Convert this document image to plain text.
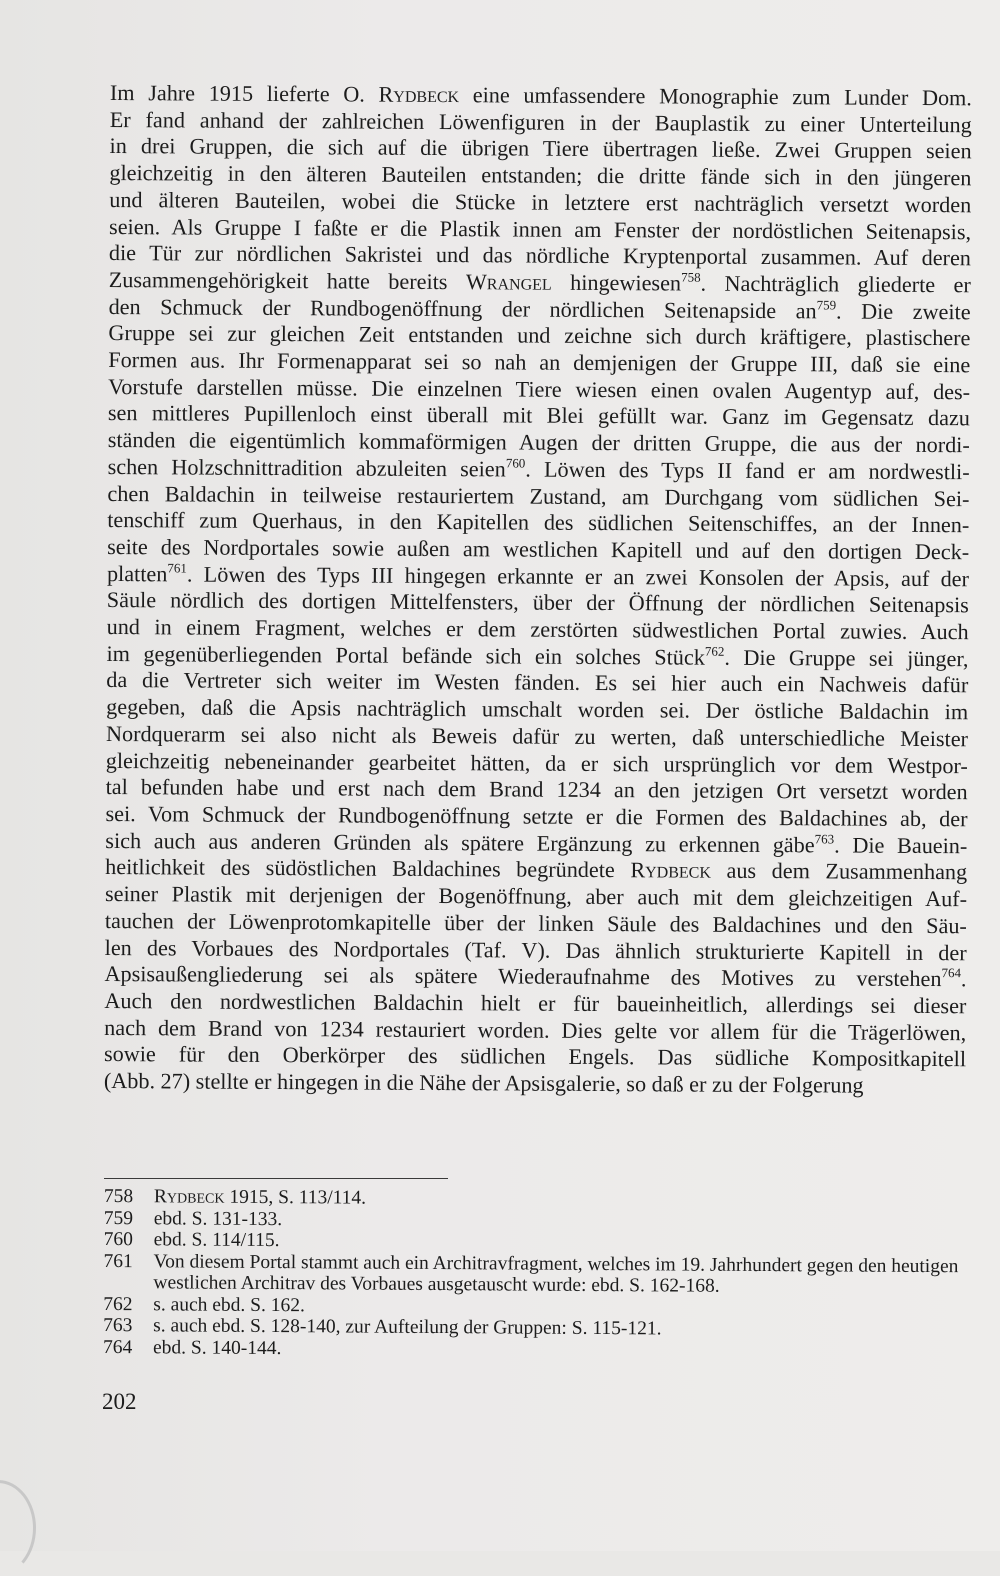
Im Jahre 1915 lieferte O. Rydbeck eine umfassendere Monographie zum Lunder Dom.
Er fand anhand der zahlreichen Löwenfiguren in der Bauplastik zu einer Unterteilung
in drei Gruppen, die sich auf die übrigen Tiere übertragen ließe. Zwei Gruppen seien
gleichzeitig in den älteren Bauteilen entstanden; die dritte fände sich in den jüngeren
und älteren Bauteilen, wobei die Stücke in letztere erst nachträglich versetzt worden
seien. Als Gruppe I faßte er die Plastik innen am Fenster der nordöstlichen Seitenapsis,
die Tür zur nördlichen Sakristei und das nördliche Kryptenportal zusammen. Auf deren
Zusammengehörigkeit hatte bereits Wrangel hingewiesen$^{758}$. Nachträglich gliederte er
den Schmuck der Rundbogenöffnung der nördlichen Seitenapside $an^{759}$. Die zweite
Gruppe sei zur gleichen Zeit entstanden und zeichne sich durch kräftigere, plastischere
Formen aus. Ihr Formenapparat sei so nah an demjenigen der Gruppe III, daß sie eine
Vorstufe darstellen müsse. Die einzelnen Tiere wiesen einen ovalen Augentyp auf, des-
sen mittleres Pupillenloch einst überall mit Blei gefüllt war. Ganz im Gegensatz dazu
ständen die eigentümlich kommaförmigen Augen der dritten Gruppe, die aus der nordi-
schen Holzschnittradition abzuleiten seien$^{760}$. Löwen des Typs II fand er am nordwestli-
chen Baldachin in teilweise restauriertem Zustand, am Durchgang vom südlichen Sei-
tenschiff zum Querhaus, in den Kapitellen des südlichen Seitenschiffes, an der Innen-
seite des Nordportales sowie außen am westlichen Kapitell und auf den dortigen Deck-
platten$^{761}$. Löwen des Typs III hingegen erkannte er an zwei Konsolen der Apsis, auf der
Säule nördlich des dortigen Mittelfensters, über der Öffnung der nördlichen Seitenapsis
und in einem Fragment, welches er dem zerstörten südwestlichen Portal zuwies. Auch
im gegenüberliegenden Portal befände sich ein solches Stück$^{762}$. Die Gruppe sei jünger,
da die Vertreter sich weiter im Westen fänden. Es sei hier auch ein Nachweis dafür
gegeben, daß die Apsis nachträglich umschalt worden sei. Der östliche Baldachin im
Nordquerarm sei also nicht als Beweis dafür zu werten, daß unterschiedliche Meister
gleichzeitig nebeneinander gearbeitet hätten, da er sich ursprünglich vor dem Westpor-
tal befunden habe und erst nach dem Brand 1234 an den jetzigen Ort versetzt worden
sei. Vom Schmuck der Rundbogenöffnung setzte er die Formen des Baldachines ab, der
sich auch aus anderen Gründen als spätere Ergänzung zu erkennen gäbe$^{763}$. Die Bauein-
heitlichkeit des südöstlichen Baldachines begründete Rydbeck aus dem Zusammenhang
seiner Plastik mit derjenigen der Bogenöffnung, aber auch mit dem gleichzeitigen Auf-
tauchen der Löwenprotomkapitelle über der linken Säule des Baldachines und den Säu-
len des Vorbaues des Nordportales (Taf. V). Das ähnlich strukturierte Kapitell in der
Apsisaußengliederung sei als spätere Wiederaufnahme des Motives zu verstehen$^{764}$.
Auch den nordwestlichen Baldachin hielt er für baueinheitlich, allerdings sei dieser
nach dem Brand von 1234 restauriert worden. Dies gelte vor allem für die Trägerlöwen,
sowie für den Oberkörper des südlichen Engels. Das südliche Kompositkapitell
(Abb. 27) stellte er hingegen in die Nähe der Apsisgalerie, so daß er zu der Folgerung
758	Rydbeck 1915, S. 113/114.
759	ebd. S. 131-133.
760	ebd. S. 114/115.
761	Von diesem Portal stammt auch ein Architravfragment, welches im 19. Jahrhundert gegen den heutigen westlichen Architrav des Vorbaues ausgetauscht wurde: ebd. S. 162-168.
762	s. auch ebd. S. 162.
763	s. auch ebd. S. 128-140, zur Aufteilung der Gruppen: S. 115-121.
764	ebd. S. 140-144.
202
